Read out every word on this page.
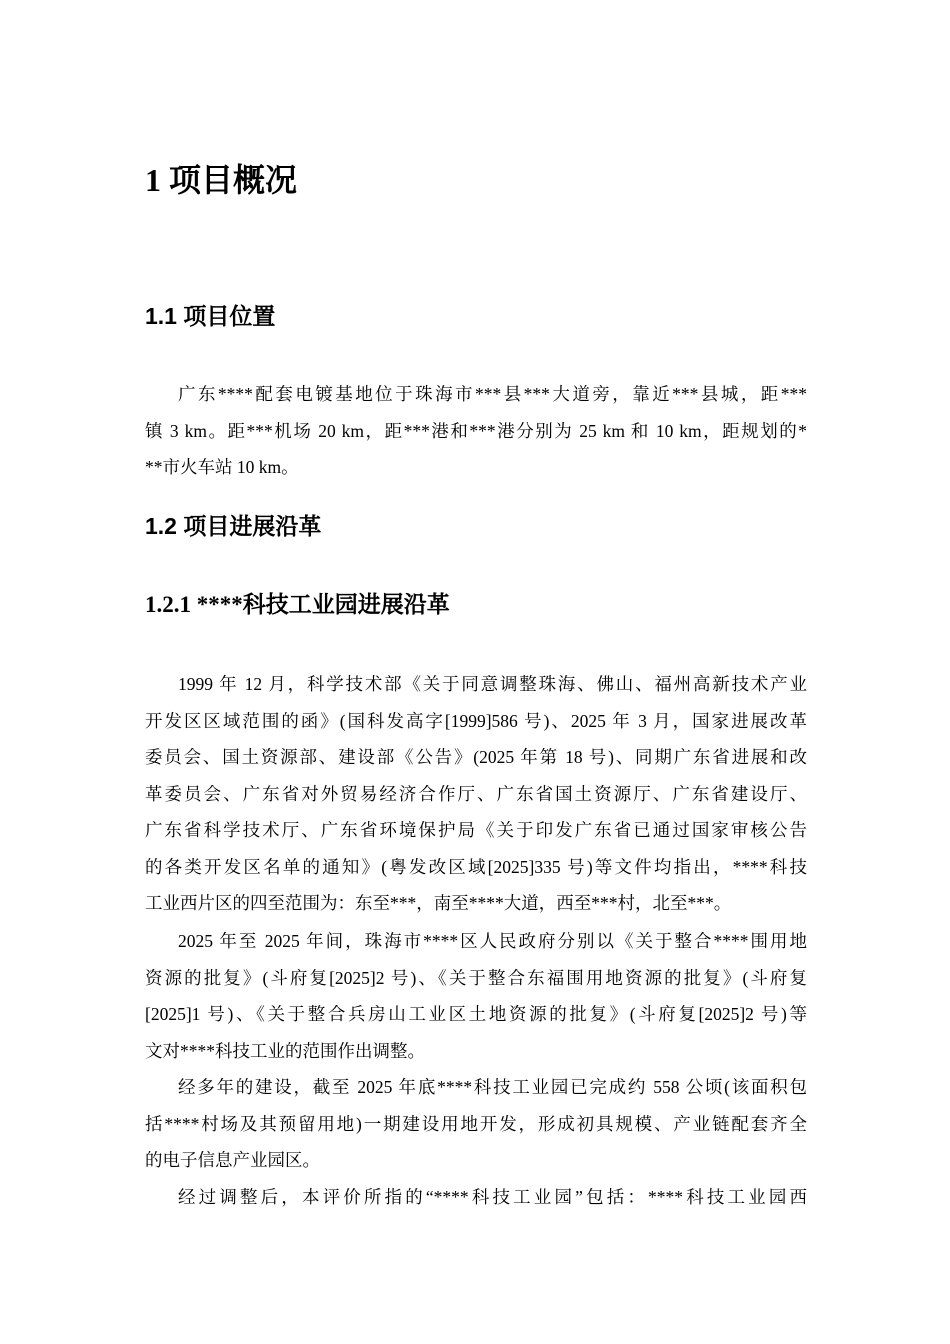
1 项目概况
1.1 项目位置
广东****配套电镀基地位于珠海市***县***大道旁，靠近***县城，距***
镇 3 km。距***机场 20 km，距***港和***港分别为 25 km 和 10 km，距规划的*
**市火车站 10 km。
1.2 项目进展沿革
1.2.1 ****科技工业园进展沿革
1999 年 12 月，科学技术部《关于同意调整珠海、佛山、福州高新技术产业
开发区区域范围的函》(国科发高字[1999]586 号)、2025 年 3 月，国家进展改革
委员会、国土资源部、建设部《公告》(2025 年第 18 号)、同期广东省进展和改
革委员会、广东省对外贸易经济合作厅、广东省国土资源厅、广东省建设厅、
广东省科学技术厅、广东省环境保护局《关于印发广东省已通过国家审核公告
的各类开发区名单的通知》(粤发改区域[2025]335 号)等文件均指出，****科技
工业西片区的四至范围为：东至***，南至****大道，西至***村，北至***。
2025 年至 2025 年间，珠海市****区人民政府分别以《关于整合****围用地
资源的批复》(斗府复[2025]2 号)、《关于整合东福围用地资源的批复》(斗府复
[2025]1 号)、《关于整合兵房山工业区土地资源的批复》(斗府复[2025]2 号)等
文对****科技工业的范围作出调整。
经多年的建设，截至 2025 年底****科技工业园已完成约 558 公顷(该面积包
括****村场及其预留用地)一期建设用地开发，形成初具规模、产业链配套齐全
的电子信息产业园区。
经过调整后，本评价所指的“****科技工业园”包括：****科技工业园西
